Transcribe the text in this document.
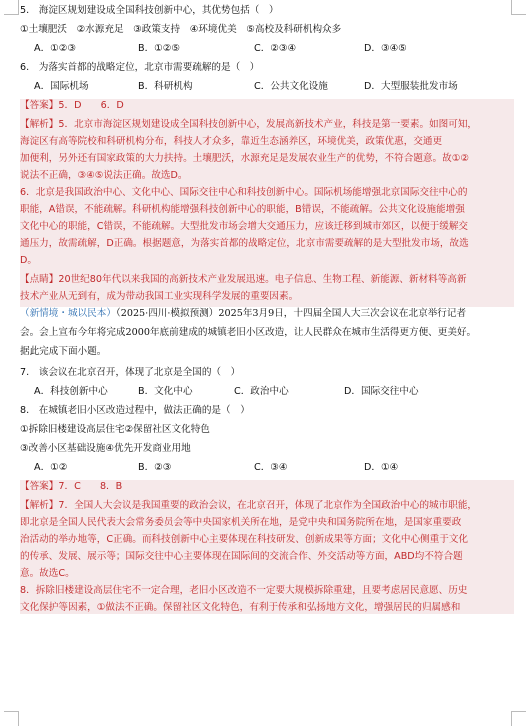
5.　海淀区规划建设成全国科技创新中心，其优势包括（　）
①土壤肥沃　②水源充足　③政策支持　④环境优美　⑤高校及科研机构众多
A．①②③	B．①②⑤	C．②③④	D．③④⑤
6.　为落实首都的战略定位，北京市需要疏解的是（　）
A．国际机场	B．科研机构	C．公共文化设施	D．大型服装批发市场
【答案】5．D　　6．D
【解析】5．北京市海淀区规划建设成全国科技创新中心，发展高新技术产业，科技是第一要素。如图可知，
海淀区有高等院校和科研机构分布，科技人才众多，靠近生态涵养区，环境优美，政策优惠，交通更
加便利，另外还有国家政策的大力扶持。土壤肥沃，水源充足是发展农业生产的优势，不符合题意。故①②
说法不正确，③④⑤说法正确。故选D。
6．北京是我国政治中心、文化中心、国际交往中心和科技创新中心。国际机场能增强北京国际交往中心的
职能，A错误，不能疏解。科研机构能增强科技创新中心的职能，B错误，不能疏解。公共文化设施能增强
文化中心的职能，C错误，不能疏解。大型批发市场会增大交通压力，应该迁移到城市郊区，以便于缓解交
通压力，故需疏解，D正确。根据题意，为落实首都的战略定位，北京市需要疏解的是大型批发市场，故选
D。
【点睛】20世纪80年代以来我国的高新技术产业发展迅速。电子信息、生物工程、新能源、新材料等高新
技术产业从无到有，成为带动我国工业实现科学发展的重要因素。
（新情境・城以民本）（2025·四川·模拟预测）2025年3月9日，十四届全国人大三次会议在北京举行记者
会。会上宣布今年将完成2000年底前建成的城镇老旧小区改造，让人民群众在城市生活得更方便、更美好。
据此完成下面小题。
7.　该会议在北京召开，体现了北京是全国的（　）
A．科技创新中心	B．文化中心	C．政治中心	D．国际交往中心
8.　在城镇老旧小区改造过程中，做法正确的是（　）
①拆除旧楼建设高层住宅②保留社区文化特色
③改善小区基础设施④优先开发商业用地
A．①②	B．②③	C．③④	D．①④
【答案】7．C　　8．B
【解析】7．全国人大会议是我国重要的政治会议，在北京召开，体现了北京作为全国政治中心的城市职能，
即北京是全国人民代表大会常务委员会等中央国家机关所在地，是党中央和国务院所在地，是国家重要政
治活动的举办地等，C正确。而科技创新中心主要体现在科技研发、创新成果等方面；文化中心侧重于文化
的传承、发展、展示等；国际交往中心主要体现在国际间的交流合作、外交活动等方面，ABD均不符合题
意。故选C。
8．拆除旧楼建设高层住宅不一定合理，老旧小区改造不一定要大规模拆除重建，且要考虑居民意愿、历史
文化保护等因素，①做法不正确。保留社区文化特色，有利于传承和弘扬地方文化，增强居民的归属感和
